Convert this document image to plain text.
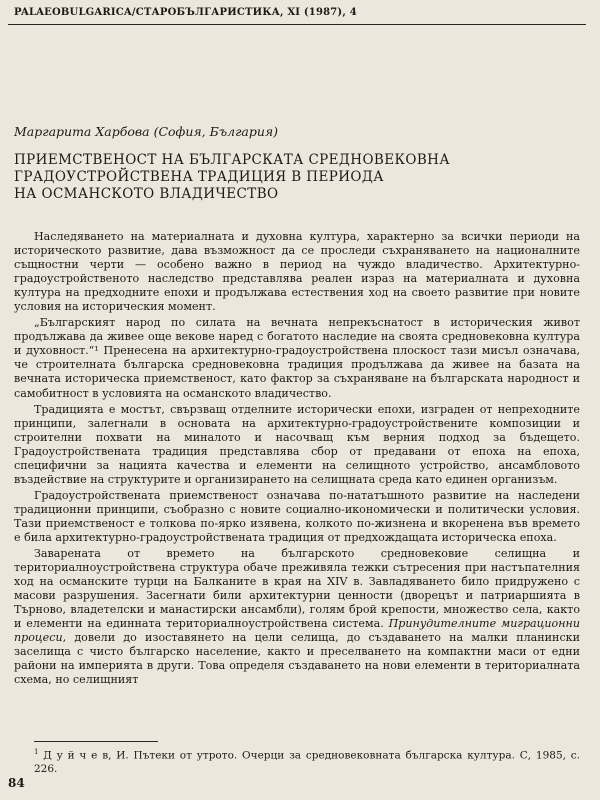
PALAEOBULGARICA/СТАРОБЪЛГАРИСТИКА, XI (1987), 4
Маргарита Харбова (София, България)
ПРИЕМСТВЕНОСТ НА БЪЛГАРСКАТА СРЕДНОВЕКОВНА
ГРАДОУСТРОЙСТВЕНА ТРАДИЦИЯ В ПЕРИОДА
НА ОСМАНСКОТО ВЛАДИЧЕСТВО

Наследяването на материалната и духовна култура, характерно за всички периоди на историческото развитие, дава възможност да се проследи съхраняването на националните същностни черти — особено важно в период на чуждо владичество. Архитектурно-градоустройственото наследство представлява реален израз на материалната и духовна култура на предходните епохи и продължава естествения ход на своето развитие при новите условия на историческия момент.

„Българският народ по силата на вечната непрекъснатост в историческия живот продължава да живее още векове наред с богатото наследие на своята средновековна култура и духовност.“¹ Пренесена на архитектурно-градоустройствена плоскост тази мисъл означава, че строителната българска средновековна традиция продължава да живее на базата на вечната историческа приемственост, като фактор за съхраняване на българската народност и самобитност в условията на османското владичество.

Традицията е мостът, свързващ отделните исторически епохи, изграден от непреходните принципи, залегнали в основата на архитектурно-градоустройствените композиции и строителни похвати на миналото и насочващ към верния подход за бъдещето. Градоустройствената традиция представлява сбор от предавани от епоха на епоха, специфични за нацията качества и елементи на селищното устройство, ансамбловото въздействие на структурите и организирането на селищната среда като единен организъм.

Градоустройствената приемственост означава по-нататъшното развитие на наследени традиционни принципи, съобразно с новите социално-икономически и политически условия. Тази приемственост е толкова по-ярко изявена, колкото по-жизнена и вкоренена във времето е била архитектурно-градоустройствената традиция от предхождащата историческа епоха.

Заварената от времето на българското средновековие селищна и териториалноустройствена структура обаче преживяла тежки сътресения при настъпателния ход на османските турци на Балканите в края на XIV в. Завладяването било придружено с масови разрушения. Засегнати били архитектурни ценности (дворецът и патриаршията в Търново, владетелски и манастирски ансамбли), голям брой крепости, множество села, както и елементи на единната териториалноустройствена система. Принудителните миграционни процеси, довели до изоставянето на цели селища, до създаването на малки планински заселища с чисто българско население, както и преселването на компактни маси от едни райони на империята в други. Това определя създаването на нови елементи в териториалната схема, но селищният

$^1$ Д у й ч е в, И. Пътеки от утрото. Очерци за средновековната българска култура. С, 1985, с. 226.
84
